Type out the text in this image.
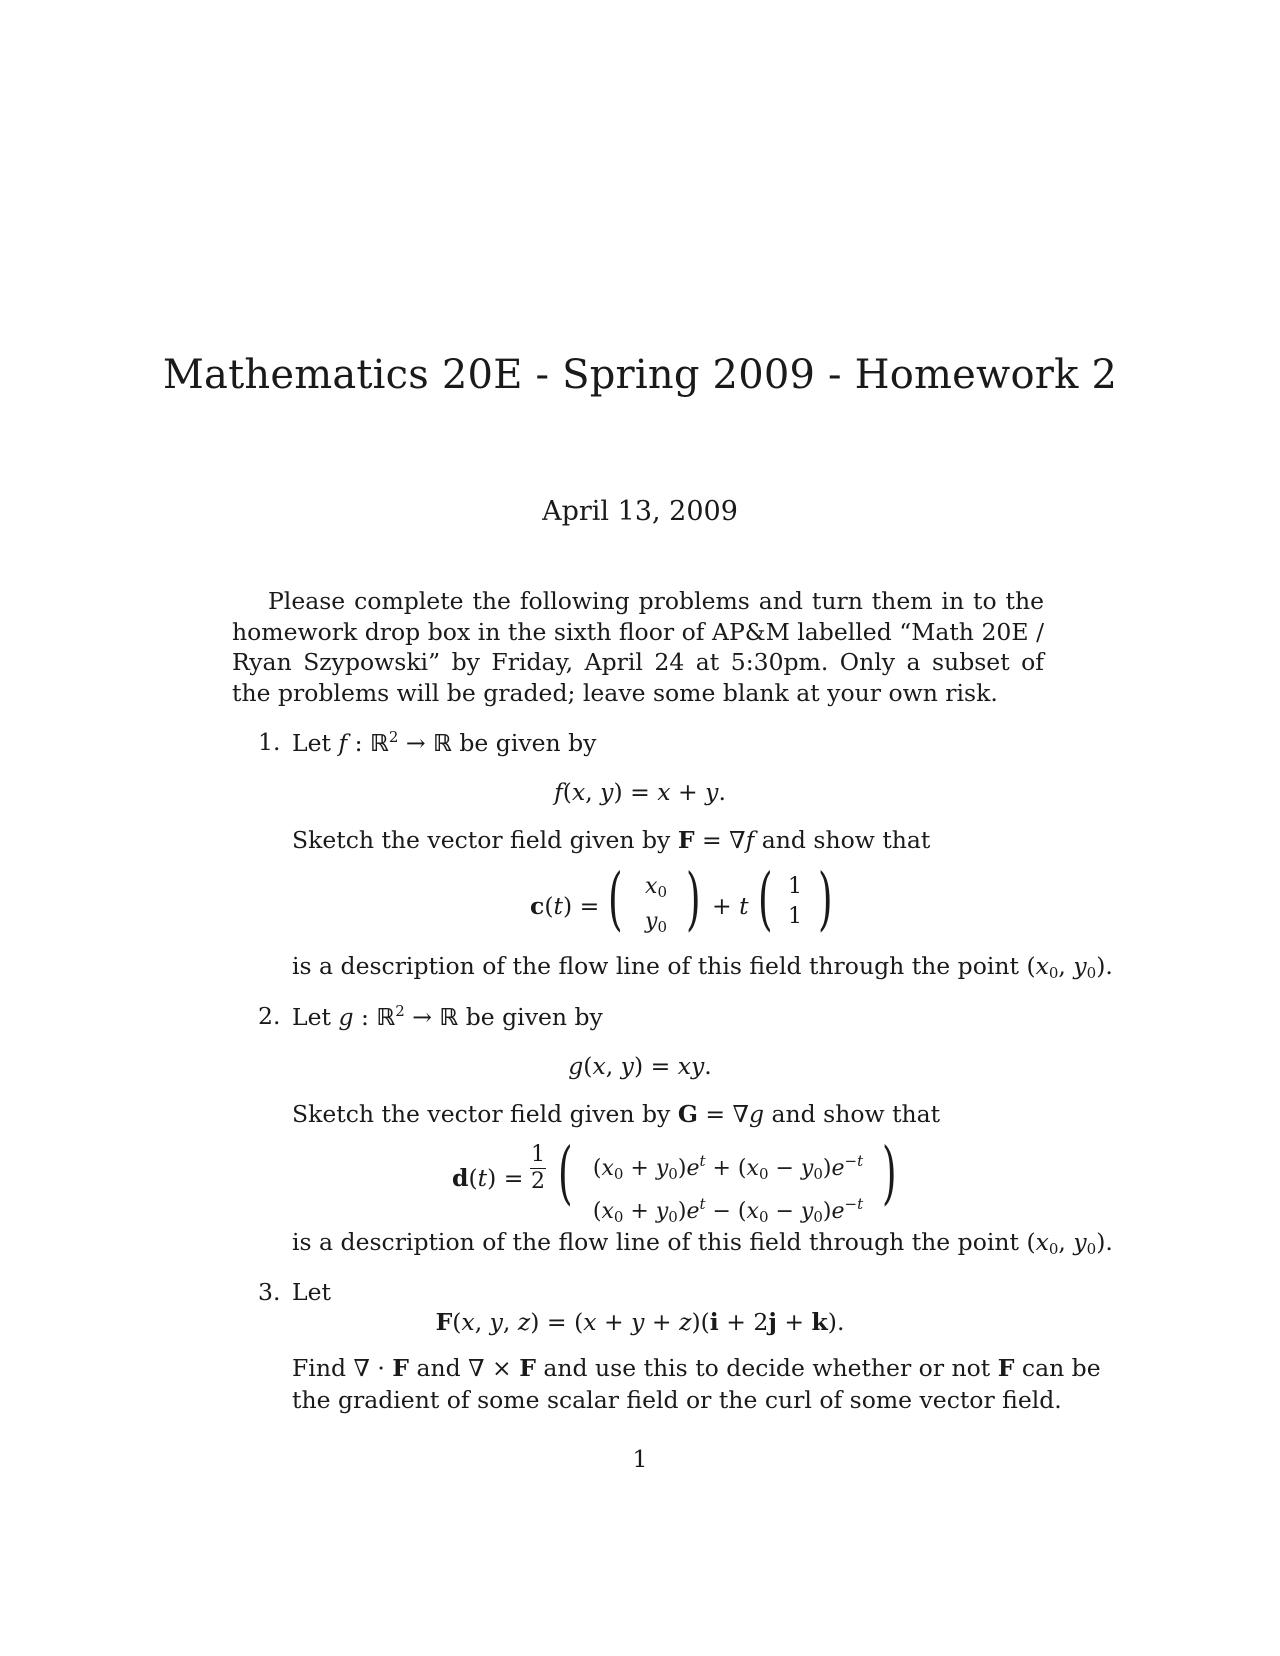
Mathematics 20E - Spring 2009 - Homework 2
April 13, 2009
Please complete the following problems and turn them in to the homework drop box in the sixth floor of AP&M labelled “Math 20E / Ryan Szypowski” by Friday, April 24 at 5:30pm. Only a subset of the problems will be graded; leave some blank at your own risk.
1. Let f : ℝ$^2$ → ℝ be given by
f(x, y) = x + y.
Sketch the vector field given by F = ∇f and show that
c(t) = (	$x_0$
$y_0$ ) + t ( 1
1 )
is a description of the flow line of this field through the point ($x_0$, $y_0$).
2. Let g : ℝ$^2$ → ℝ be given by
g(x, y) = xy.
Sketch the vector field given by G = ∇g and show that
d(t) =
1

2 ( $(x_0 + y_0)e^t + (x_0 - y_0)e^{-t}$
$(x_0 + y_0)e^t - (x_0 - y_0)e^{-t}$ )
is a description of the flow line of this field through the point ($x_0$, $y_0$).
3. Let
F(x, y, z) = (x + y + z)(i + 2j + k).
Find ∇ · F and ∇ × F and use this to decide whether or not F can be
the gradient of some scalar field or the curl of some vector field.
1
